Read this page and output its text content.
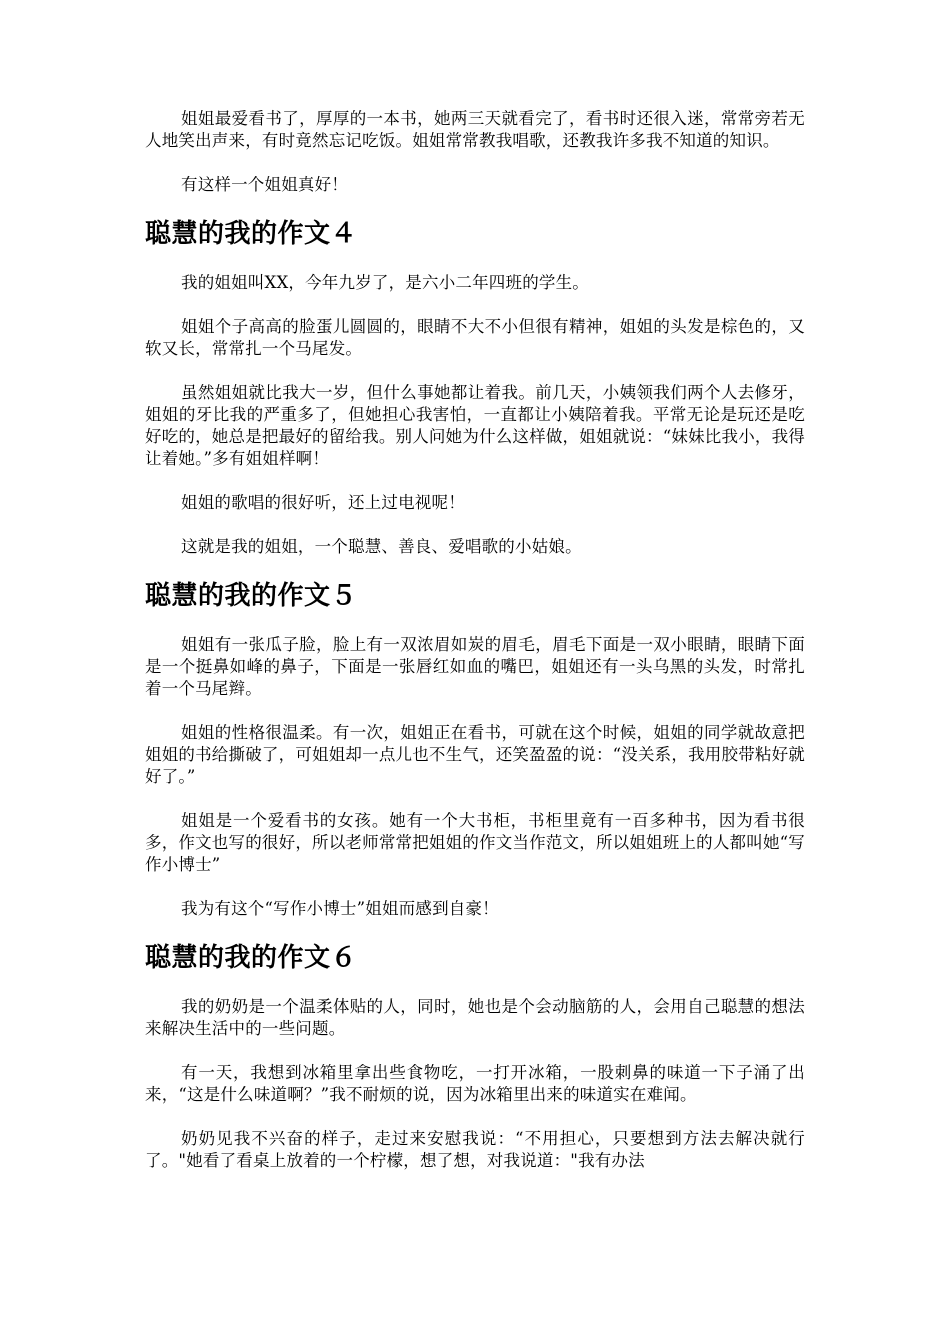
姐姐最爱看书了，厚厚的一本书，她两三天就看完了，看书时还很入迷，常常旁若无人地笑出声来，有时竟然忘记吃饭。姐姐常常教我唱歌，还教我许多我不知道的知识。

有这样一个姐姐真好！

聪慧的我的作文４

我的姐姐叫XX，今年九岁了，是六小二年四班的学生。

姐姐个子高高的脸蛋儿圆圆的，眼睛不大不小但很有精神，姐姐的头发是棕色的，又软又长，常常扎一个马尾发。

虽然姐姐就比我大一岁，但什么事她都让着我。前几天，小姨领我们两个人去修牙，姐姐的牙比我的严重多了，但她担心我害怕，一直都让小姨陪着我。平常无论是玩还是吃好吃的，她总是把最好的留给我。别人问她为什么这样做，姐姐就说：“妹妹比我小，我得让着她。”多有姐姐样啊！

姐姐的歌唱的很好听，还上过电视呢！

这就是我的姐姐，一个聪慧、善良、爱唱歌的小姑娘。

聪慧的我的作文５

姐姐有一张瓜子脸，脸上有一双浓眉如炭的眉毛，眉毛下面是一双小眼睛，眼睛下面是一个挺鼻如峰的鼻子，下面是一张唇红如血的嘴巴，姐姐还有一头乌黑的头发，时常扎着一个马尾辫。

姐姐的性格很温柔。有一次，姐姐正在看书，可就在这个时候，姐姐的同学就故意把姐姐的书给撕破了，可姐姐却一点儿也不生气，还笑盈盈的说：“没关系，我用胶带粘好就好了。”

姐姐是一个爱看书的女孩。她有一个大书柜，书柜里竟有一百多种书，因为看书很多，作文也写的很好，所以老师常常把姐姐的作文当作范文，所以姐姐班上的人都叫她“写作小博士”

我为有这个“写作小博士”姐姐而感到自豪！

聪慧的我的作文６

我的奶奶是一个温柔体贴的人，同时，她也是个会动脑筋的人，会用自己聪慧的想法来解决生活中的一些问题。

有一天，我想到冰箱里拿出些食物吃，一打开冰箱，一股刺鼻的味道一下子涌了出来，“这是什么味道啊？”我不耐烦的说，因为冰箱里出来的味道实在难闻。

奶奶见我不兴奋的样子，走过来安慰我说：“不用担心，只要想到方法去解决就行了。"她看了看桌上放着的一个柠檬，想了想，对我说道："我有办法
